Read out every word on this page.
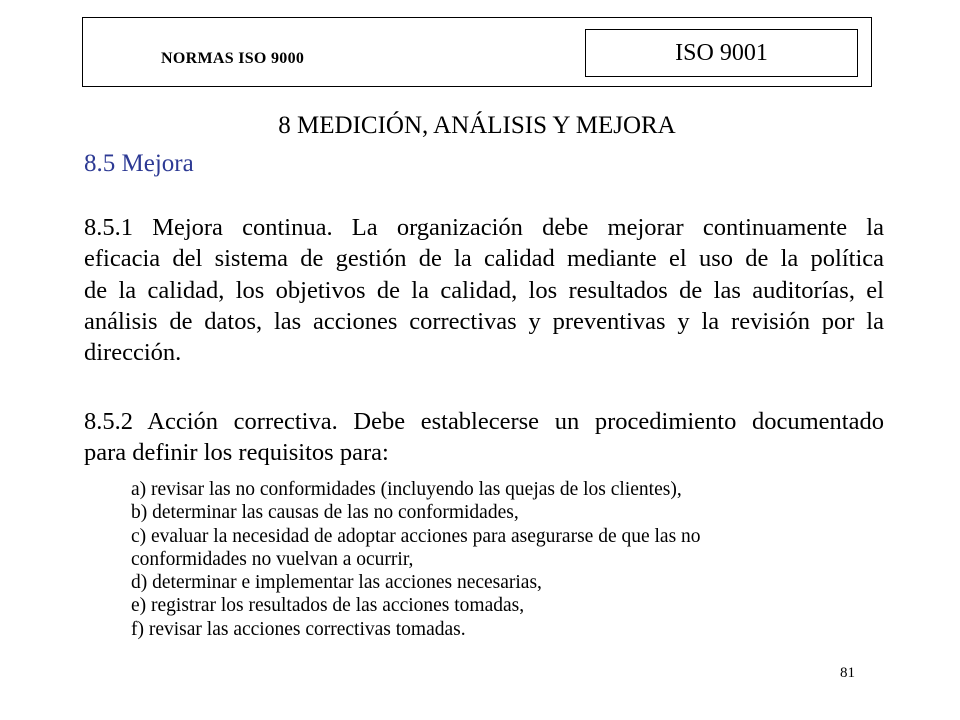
NORMAS ISO 9000	ISO 9001
8 MEDICIÓN, ANÁLISIS Y MEJORA
8.5 Mejora
8.5.1 Mejora continua. La organización debe mejorar continuamente la
eficacia del sistema de gestión de la calidad mediante el uso de la política
de la calidad, los objetivos de la calidad, los resultados de las auditorías, el
análisis de datos, las acciones correctivas y preventivas y la revisión por la
dirección.
8.5.2 Acción correctiva. Debe establecerse un procedimiento documentado
para definir los requisitos para:
a) revisar las no conformidades (incluyendo las quejas de los clientes),
b) determinar las causas de las no conformidades,
c) evaluar la necesidad de adoptar acciones para asegurarse de que las no
conformidades no vuelvan a ocurrir,
d) determinar e implementar las acciones necesarias,
e) registrar los resultados de las acciones tomadas,
f) revisar las acciones correctivas tomadas.
81
